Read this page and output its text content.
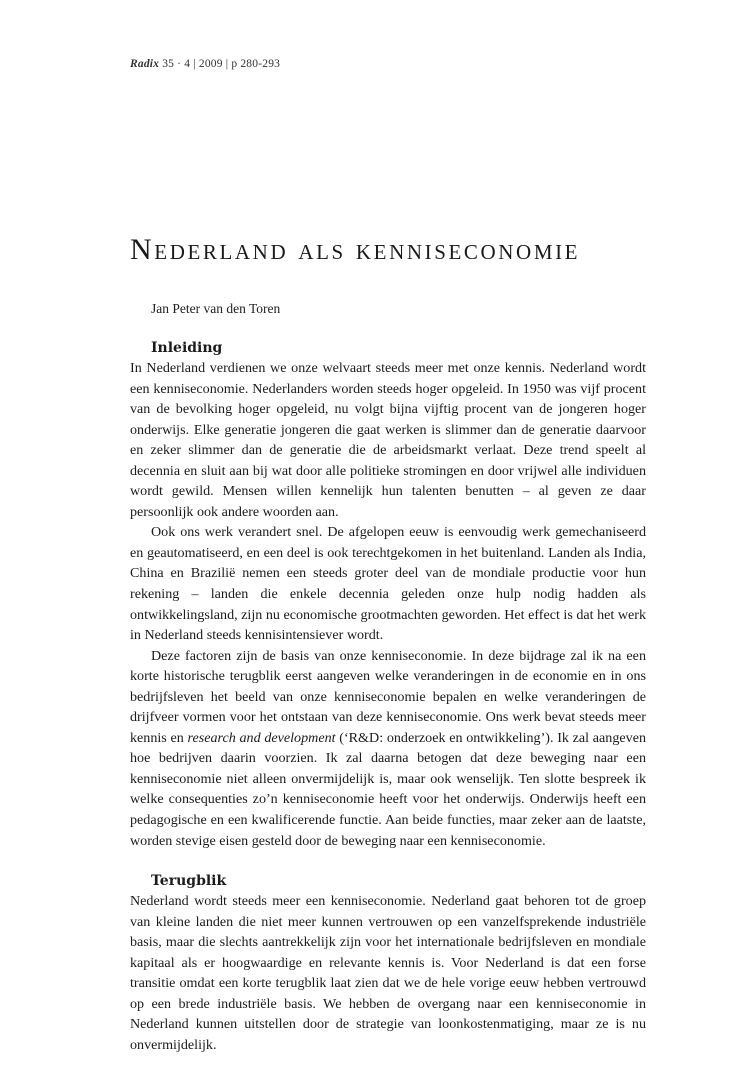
Radix 35 · 4 | 2009 | p 280-293
Nederland als kenniseconomie
Jan Peter van den Toren
Inleiding

In Nederland verdienen we onze welvaart steeds meer met onze kennis. Nederland wordt een kenniseconomie. Nederlanders worden steeds hoger opgeleid. In 1950 was vijf procent van de bevolking hoger opgeleid, nu volgt bijna vijftig procent van de jongeren hoger onderwijs. Elke generatie jongeren die gaat werken is slimmer dan de generatie daarvoor en zeker slimmer dan de generatie die de arbeidsmarkt verlaat. Deze trend speelt al decennia en sluit aan bij wat door alle politieke stromingen en door vrijwel alle individuen wordt gewild. Mensen willen kennelijk hun talenten benutten – al geven ze daar persoonlijk ook andere woorden aan.

Ook ons werk verandert snel. De afgelopen eeuw is eenvoudig werk gemechaniseerd en geautomatiseerd, en een deel is ook terechtgekomen in het buitenland. Landen als India, China en Brazilië nemen een steeds groter deel van de mondiale productie voor hun rekening – landen die enkele decennia geleden onze hulp nodig hadden als ontwikkelingsland, zijn nu economische grootmachten geworden. Het effect is dat het werk in Nederland steeds kennisintensiever wordt.

Deze factoren zijn de basis van onze kenniseconomie. In deze bijdrage zal ik na een korte historische terugblik eerst aangeven welke veranderingen in de economie en in ons bedrijfsleven het beeld van onze kenniseconomie bepalen en welke veranderingen de drijfveer vormen voor het ontstaan van deze kenniseconomie. Ons werk bevat steeds meer kennis en research and development (‘R&D: onderzoek en ontwikkeling’). Ik zal aangeven hoe bedrijven daarin voorzien. Ik zal daarna betogen dat deze beweging naar een kenniseconomie niet alleen onvermijdelijk is, maar ook wenselijk. Ten slotte bespreek ik welke consequenties zo’n kenniseconomie heeft voor het onderwijs. Onderwijs heeft een pedagogische en een kwalificerende functie. Aan beide functies, maar zeker aan de laatste, worden stevige eisen gesteld door de beweging naar een kenniseconomie.

Terugblik

Nederland wordt steeds meer een kenniseconomie. Nederland gaat behoren tot de groep van kleine landen die niet meer kunnen vertrouwen op een vanzelfsprekende industriële basis, maar die slechts aantrekkelijk zijn voor het internationale bedrijfsleven en mondiale kapitaal als er hoogwaardige en relevante kennis is. Voor Nederland is dat een forse transitie omdat een korte terugblik laat zien dat we de hele vorige eeuw hebben vertrouwd op een brede industriële basis. We hebben de overgang naar een kenniseconomie in Nederland kunnen uitstellen door de strategie van loonkostenmatiging, maar ze is nu onvermijdelijk.
